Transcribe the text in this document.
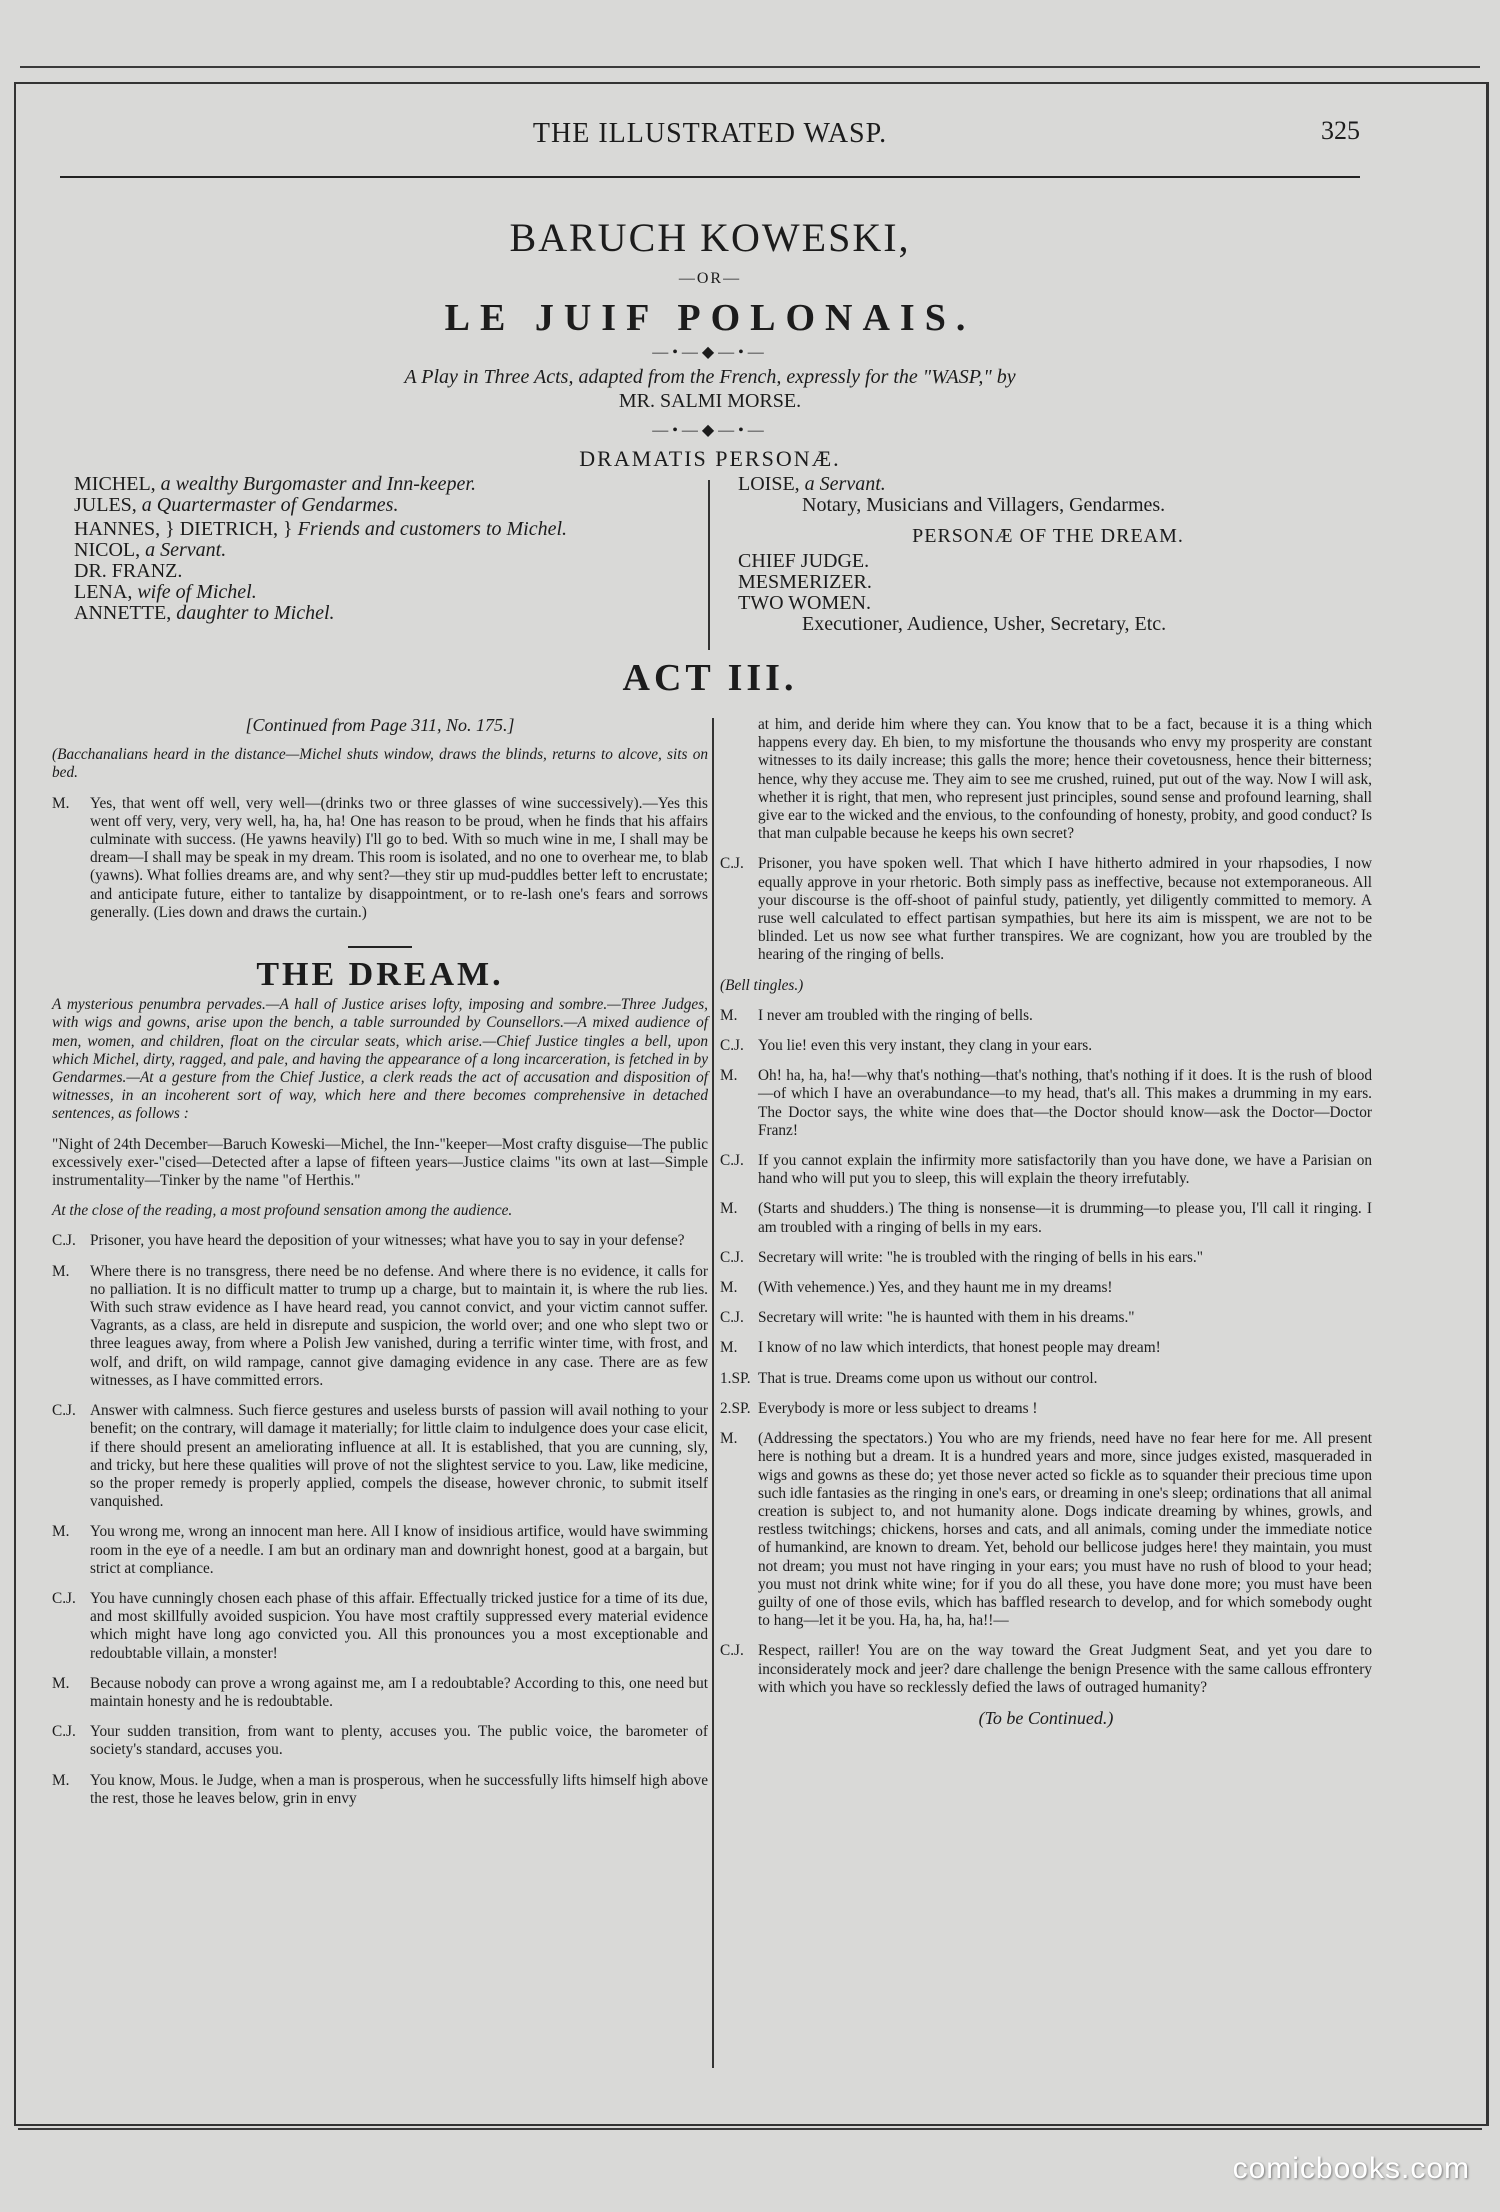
THE ILLUSTRATED WASP.	325
BARUCH KOWESKI,
—OR—
LE JUIF POLONAIS.
—•—◆—•—
A Play in Three Acts, adapted from the French, expressly for the "WASP," by
MR. SALMI MORSE.
—•—◆—•—
DRAMATIS PERSONÆ.
MICHEL, a wealthy Burgomaster and Inn-keeper.
JULES, a Quartermaster of Gendarmes.
HANNES, } DIETRICH, } Friends and customers to Michel.
NICOL, a Servant.
DR. FRANZ.
LENA, wife of Michel.
ANNETTE, daughter to Michel.
LOISE, a Servant.
Notary, Musicians and Villagers, Gendarmes.
PERSONÆ OF THE DREAM.
CHIEF JUDGE.
MESMERIZER.
TWO WOMEN.
Executioner, Audience, Usher, Secretary, Etc.
ACT III.
[Continued from Page 311, No. 175.]

(Bacchanalians heard in the distance—Michel shuts window, draws the blinds, returns to alcove, sits on bed.

M.	Yes, that went off well, very well—(drinks two or three glasses of wine successively).—Yes this went off very, very, very well, ha, ha, ha! One has reason to be proud, when he finds that his affairs culminate with success. (He yawns heavily) I'll go to bed. With so much wine in me, I shall may be dream—I shall may be speak in my dream. This room is isolated, and no one to overhear me, to blab (yawns). What follies dreams are, and why sent?—they stir up mud-puddles better left to encrustate; and anticipate future, either to tantalize by disappointment, or to re-lash one's fears and sorrows generally. (Lies down and draws the curtain.)

THE DREAM.

A mysterious penumbra pervades.—A hall of Justice arises lofty, imposing and sombre.—Three Judges, with wigs and gowns, arise upon the bench, a table surrounded by Counsellors.—A mixed audience of men, women, and children, float on the circular seats, which arise.—Chief Justice tingles a bell, upon which Michel, dirty, ragged, and pale, and having the appearance of a long incarceration, is fetched in by Gendarmes.—At a gesture from the Chief Justice, a clerk reads the act of accusation and disposition of witnesses, in an incoherent sort of way, which here and there becomes comprehensive in detached sentences, as follows :

"Night of 24th December—Baruch Koweski—Michel, the Inn-"keeper—Most crafty disguise—The public excessively exer-"cised—Detected after a lapse of fifteen years—Justice claims "its own at last—Simple instrumentality—Tinker by the name "of Herthis."

At the close of the reading, a most profound sensation among the audience.

C.J. Prisoner, you have heard the deposition of your witnesses; what have you to say in your defense?

M.	Where there is no transgress, there need be no defense. And where there is no evidence, it calls for no palliation. It is no difficult matter to trump up a charge, but to maintain it, is where the rub lies. With such straw evidence as I have heard read, you cannot convict, and your victim cannot suffer. Vagrants, as a class, are held in disrepute and suspicion, the world over; and one who slept two or three leagues away, from where a Polish Jew vanished, during a terrific winter time, with frost, and wolf, and drift, on wild rampage, cannot give damaging evidence in any case. There are as few witnesses, as I have committed errors.

C.J. Answer with calmness. Such fierce gestures and useless bursts of passion will avail nothing to your benefit; on the contrary, will damage it materially; for little claim to indulgence does your case elicit, if there should present an ameliorating influence at all. It is established, that you are cunning, sly, and tricky, but here these qualities will prove of not the slightest service to you. Law, like medicine, so the proper remedy is properly applied, compels the disease, however chronic, to submit itself vanquished.

M.	You wrong me, wrong an innocent man here. All I know of insidious artifice, would have swimming room in the eye of a needle. I am but an ordinary man and downright honest, good at a bargain, but strict at compliance.

C.J. You have cunningly chosen each phase of this affair. Effectually tricked justice for a time of its due, and most skillfully avoided suspicion. You have most craftily suppressed every material evidence which might have long ago convicted you. All this pronounces you a most exceptionable and redoubtable villain, a monster!

M.	Because nobody can prove a wrong against me, am I a redoubtable? According to this, one need but maintain honesty and he is redoubtable.

C.J. Your sudden transition, from want to plenty, accuses you. The public voice, the barometer of society's standard, accuses you.

M.	You know, Mous. le Judge, when a man is prosperous, when he successfully lifts himself high above the rest, those he leaves below, grin in envy

at him, and deride him where they can. You know that to be a fact, because it is a thing which happens every day. Eh bien, to my misfortune the thousands who envy my prosperity are constant witnesses to its daily increase; this galls the more; hence their covetousness, hence their bitterness; hence, why they accuse me. They aim to see me crushed, ruined, put out of the way. Now I will ask, whether it is right, that men, who represent just principles, sound sense and profound learning, shall give ear to the wicked and the envious, to the confounding of honesty, probity, and good conduct? Is that man culpable because he keeps his own secret?

C.J. Prisoner, you have spoken well. That which I have hitherto admired in your rhapsodies, I now equally approve in your rhetoric. Both simply pass as ineffective, because not extemporaneous. All your discourse is the off-shoot of painful study, patiently, yet diligently committed to memory. A ruse well calculated to effect partisan sympathies, but here its aim is misspent, we are not to be blinded. Let us now see what further transpires. We are cognizant, how you are troubled by the hearing of the ringing of bells.

(Bell tingles.)

M.	I never am troubled with the ringing of bells.

C.J. You lie! even this very instant, they clang in your ears.

M.	Oh! ha, ha, ha!—why that's nothing—that's nothing, that's nothing if it does. It is the rush of blood—of which I have an overabundance—to my head, that's all. This makes a drumming in my ears. The Doctor says, the white wine does that—the Doctor should know—ask the Doctor—Doctor Franz!

C.J. If you cannot explain the infirmity more satisfactorily than you have done, we have a Parisian on hand who will put you to sleep, this will explain the theory irrefutably.

M.	(Starts and shudders.) The thing is nonsense—it is drumming—to please you, I'll call it ringing. I am troubled with a ringing of bells in my ears.

C.J. Secretary will write: "he is troubled with the ringing of bells in his ears."

M.	(With vehemence.) Yes, and they haunt me in my dreams!

C.J. Secretary will write: "he is haunted with them in his dreams."

M.	I know of no law which interdicts, that honest people may dream!

1.SP. That is true. Dreams come upon us without our control.

2.SP. Everybody is more or less subject to dreams !

M.	(Addressing the spectators.) You who are my friends, need have no fear here for me. All present here is nothing but a dream. It is a hundred years and more, since judges existed, masqueraded in wigs and gowns as these do; yet those never acted so fickle as to squander their precious time upon such idle fantasies as the ringing in one's ears, or dreaming in one's sleep; ordinations that all animal creation is subject to, and not humanity alone. Dogs indicate dreaming by whines, growls, and restless twitchings; chickens, horses and cats, and all animals, coming under the immediate notice of humankind, are known to dream. Yet, behold our bellicose judges here! they maintain, you must not dream; you must not have ringing in your ears; you must have no rush of blood to your head; you must not drink white wine; for if you do all these, you have done more; you must have been guilty of one of those evils, which has baffled research to develop, and for which somebody ought to hang—let it be you. Ha, ha, ha, ha!!—

C.J. Respect, railler! You are on the way toward the Great Judgment Seat, and yet you dare to inconsiderately mock and jeer? dare challenge the benign Presence with the same callous effrontery with which you have so recklessly defied the laws of outraged humanity?

(To be Continued.)
comicbooks.com
